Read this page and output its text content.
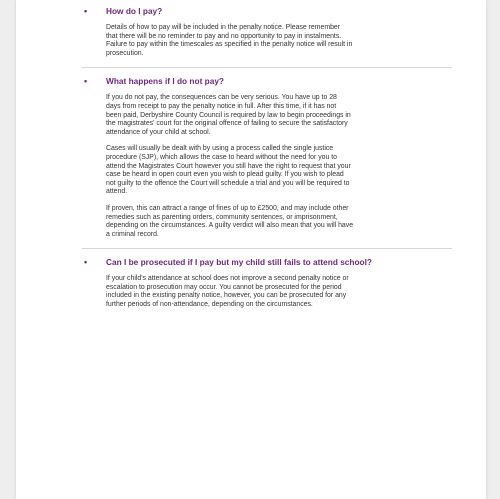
• How do I pay?
Details of how to pay will be included in the penalty notice. Please remember
that there will be no reminder to pay and no opportunity to pay in instalments.
Failure to pay within the timescales as specified in the penalty notice will result in
prosecution.
• What happens if I do not pay?
If you do not pay, the consequences can be very serious. You have up to 28
days from receipt to pay the penalty notice in full. After this time, if it has not
been paid, Derbyshire County Council is required by law to begin proceedings in
the magistrates' court for the original offence of failing to secure the satisfactory
attendance of your child at school.
Cases will usually be dealt with by using a process called the single justice
procedure (SJP), which allows the case to heard without the need for you to
attend the Magistrates Court however you still have the right to request that your
case be heard in open court even you wish to plead guilty. If you wish to plead
not guilty to the offence the Court will schedule a trial and you will be required to
attend.
If proven, this can attract a range of fines of up to £2500, and may include other
remedies such as parenting orders, community sentences, or imprisonment,
depending on the circumstances. A guilty verdict will also mean that you will have
a criminal record.
• Can I be prosecuted if I pay but my child still fails to attend school?
If your child's attendance at school does not improve a second penalty notice or
escalation to prosecution may occur. You cannot be prosecuted for the period
included in the existing penalty notice, however, you can be prosecuted for any
further periods of non-attendance, depending on the circumstances.
